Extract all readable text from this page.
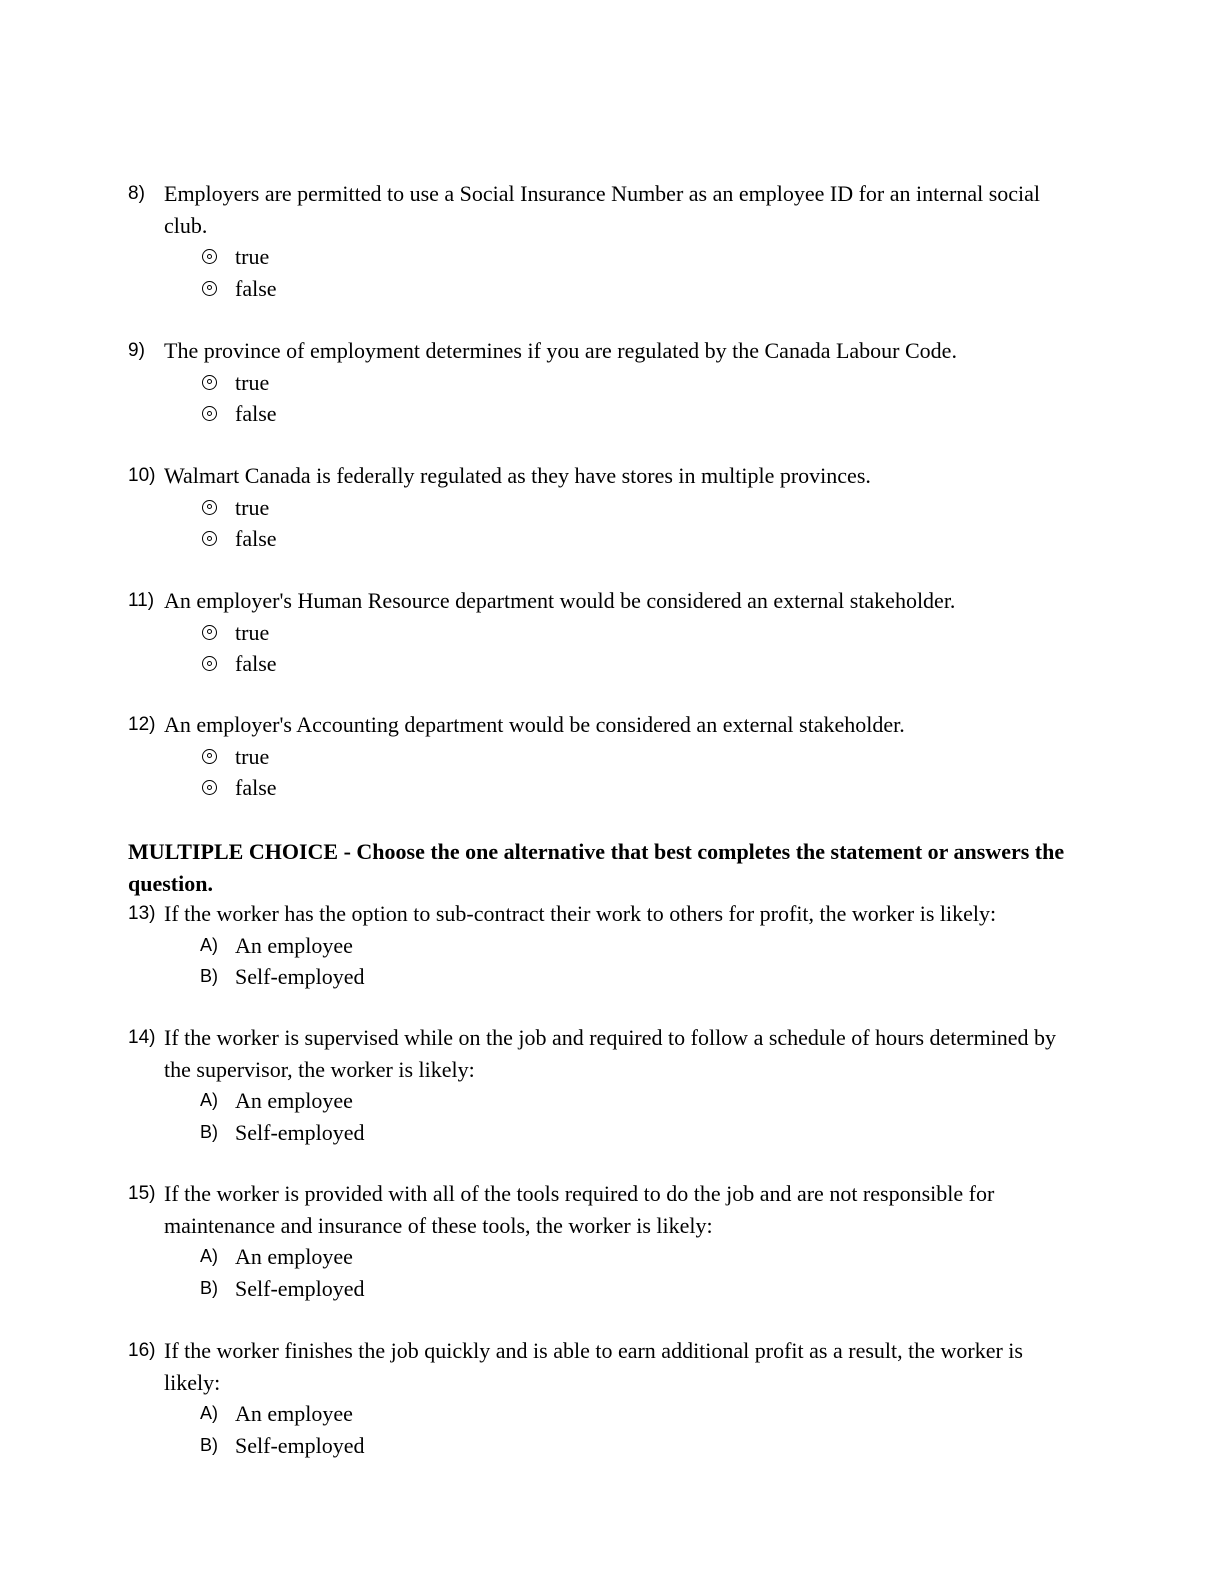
8) Employers are permitted to use a Social Insurance Number as an employee ID for an internal social club.
true
false
9) The province of employment determines if you are regulated by the Canada Labour Code.
true
false
10) Walmart Canada is federally regulated as they have stores in multiple provinces.
true
false
11) An employer's Human Resource department would be considered an external stakeholder.
true
false
12) An employer's Accounting department would be considered an external stakeholder.
true
false
MULTIPLE CHOICE - Choose the one alternative that best completes the statement or answers the question.
13) If the worker has the option to sub-contract their work to others for profit, the worker is likely:
A) An employee
B) Self-employed
14) If the worker is supervised while on the job and required to follow a schedule of hours determined by the supervisor, the worker is likely:
A) An employee
B) Self-employed
15) If the worker is provided with all of the tools required to do the job and are not responsible for maintenance and insurance of these tools, the worker is likely:
A) An employee
B) Self-employed
16) If the worker finishes the job quickly and is able to earn additional profit as a result, the worker is likely:
A) An employee
B) Self-employed
